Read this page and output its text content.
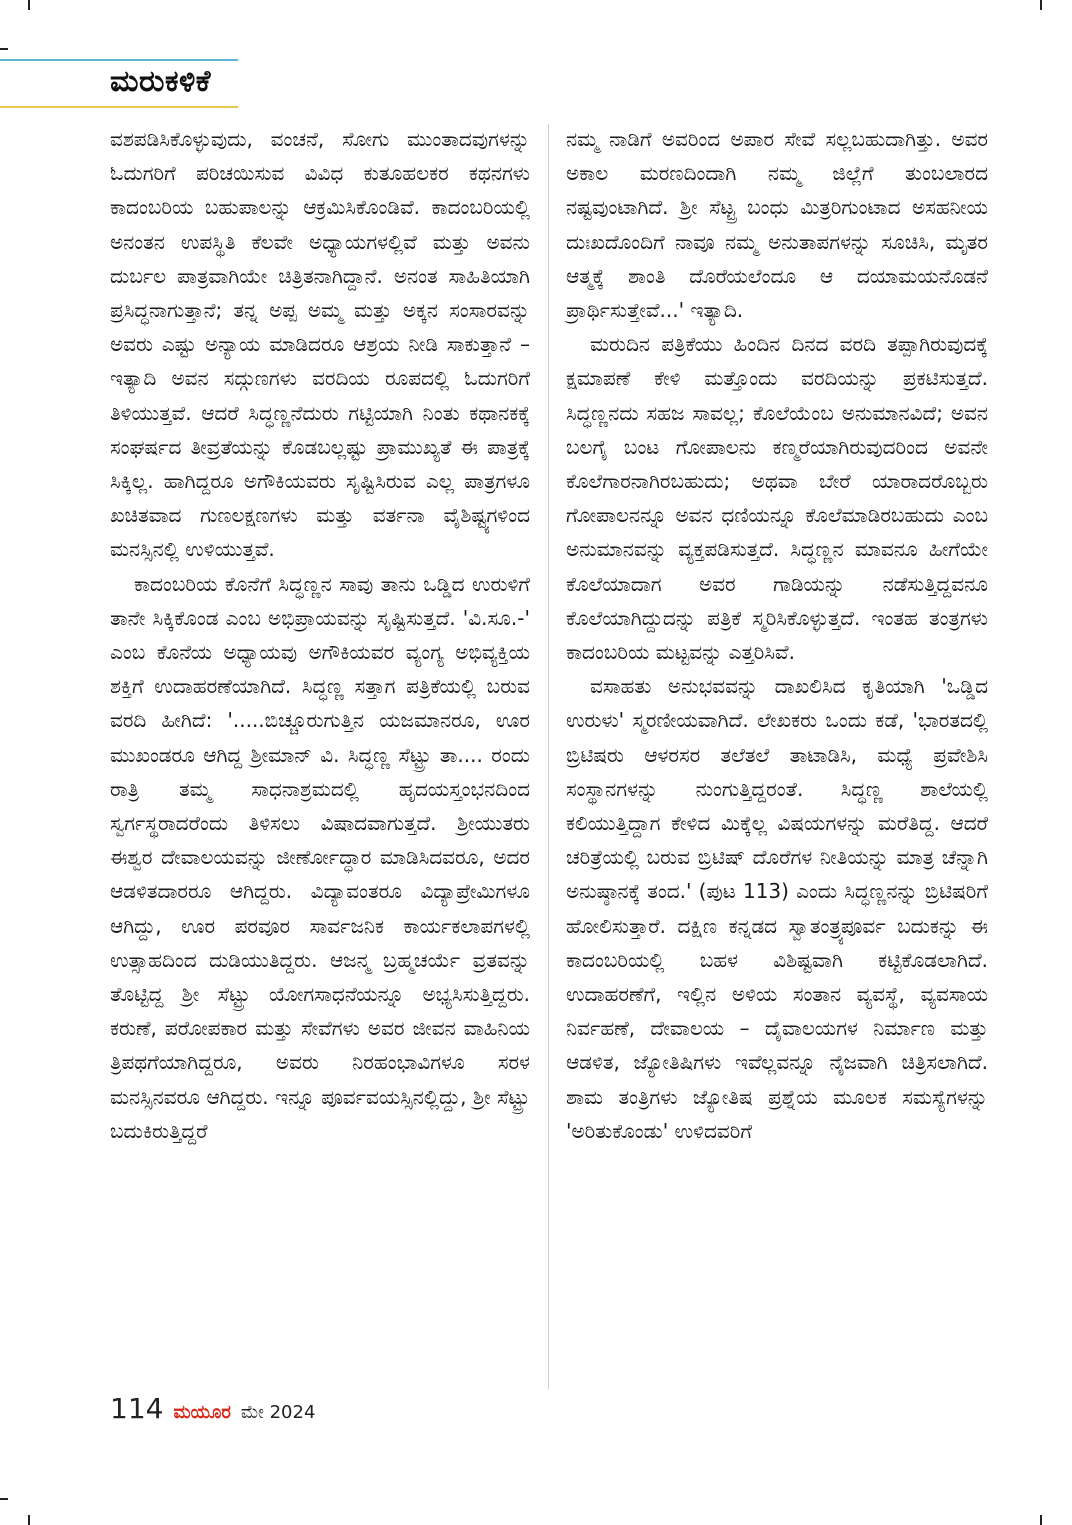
ಮರುಕಳಿಕೆ

ವಶಪಡಿಸಿಕೊಳ್ಳುವುದು, ವಂಚನೆ, ಸೋಗು ಮುಂತಾದವುಗಳನ್ನು ಓದುಗರಿಗೆ ಪರಿಚಯಿಸುವ ವಿವಿಧ ಕುತೂಹಲಕರ ಕಥನಗಳು ಕಾದಂಬರಿಯ ಬಹುಪಾಲನ್ನು ಆಕ್ರಮಿಸಿಕೊಂಡಿವೆ. ಕಾದಂಬರಿಯಲ್ಲಿ ಅನಂತನ ಉಪಸ್ಥಿತಿ ಕೆಲವೇ ಅಧ್ಯಾಯಗಳಲ್ಲಿವೆ ಮತ್ತು ಅವನು ದುರ್ಬಲ ಪಾತ್ರವಾಗಿಯೇ ಚಿತ್ರಿತನಾಗಿದ್ದಾನೆ. ಅನಂತ ಸಾಹಿತಿಯಾಗಿ ಪ್ರಸಿದ್ಧನಾಗುತ್ತಾನೆ; ತನ್ನ ಅಪ್ಪ ಅಮ್ಮ ಮತ್ತು ಅಕ್ಕನ ಸಂಸಾರವನ್ನು ಅವರು ಎಷ್ಟು ಅನ್ಯಾಯ ಮಾಡಿದರೂ ಆಶ್ರಯ ನೀಡಿ ಸಾಕುತ್ತಾನೆ – ಇತ್ಯಾದಿ ಅವನ ಸದ್ಗುಣಗಳು ವರದಿಯ ರೂಪದಲ್ಲಿ ಓದುಗರಿಗೆ ತಿಳಿಯುತ್ತವೆ. ಆದರೆ ಸಿದ್ಧಣ್ಣನೆದುರು ಗಟ್ಟಿಯಾಗಿ ನಿಂತು ಕಥಾನಕಕ್ಕೆ ಸಂಘರ್ಷದ ತೀವ್ರತೆಯನ್ನು ಕೊಡಬಲ್ಲಷ್ಟು ಪ್ರಾಮುಖ್ಯತೆ ಈ ಪಾತ್ರಕ್ಕೆ ಸಿಕ್ಕಿಲ್ಲ. ಹಾಗಿದ್ದರೂ ಅಗೌಕಿಯವರು ಸೃಷ್ಟಿಸಿರುವ ಎಲ್ಲ ಪಾತ್ರಗಳೂ ಖಚಿತವಾದ ಗುಣಲಕ್ಷಣಗಳು ಮತ್ತು ವರ್ತನಾ ವೈಶಿಷ್ಟ್ಯಗಳಿಂದ ಮನಸ್ಸಿನಲ್ಲಿ ಉಳಿಯುತ್ತವೆ.

ಕಾದಂಬರಿಯ ಕೊನೆಗೆ ಸಿದ್ಧಣ್ಣನ ಸಾವು ತಾನು ಒಡ್ಡಿದ ಉರುಳಿಗೆ ತಾನೇ ಸಿಕ್ಕಿಕೊಂಡ ಎಂಬ ಅಭಿಪ್ರಾಯವನ್ನು ಸೃಷ್ಟಿಸುತ್ತದೆ. 'ವಿ.ಸೂ.-' ಎಂಬ ಕೊನೆಯ ಅಧ್ಯಾಯವು ಅಗೌಕಿಯವರ ವ್ಯಂಗ್ಯ ಅಭಿವ್ಯಕ್ತಿಯ ಶಕ್ತಿಗೆ ಉದಾಹರಣೆಯಾಗಿದೆ. ಸಿದ್ಧಣ್ಣ ಸತ್ತಾಗ ಪತ್ರಿಕೆಯಲ್ಲಿ ಬರುವ ವರದಿ ಹೀಗಿದೆ: '.....ಬಿಚ್ಚೂರುಗುತ್ತಿನ ಯಜಮಾನರೂ, ಊರ ಮುಖಂಡರೂ ಆಗಿದ್ದ ಶ್ರೀಮಾನ್ ವಿ. ಸಿದ್ಧಣ್ಣ ಸೆಟ್ಟ್ರು ತಾ.... ರಂದು ರಾತ್ರಿ ತಮ್ಮ ಸಾಧನಾಶ್ರಮದಲ್ಲಿ ಹೃದಯಸ್ತಂಭನದಿಂದ ಸ್ವರ್ಗಸ್ಥರಾದರೆಂದು ತಿಳಿಸಲು ವಿಷಾದವಾಗುತ್ತದೆ. ಶ್ರೀಯುತರು ಈಶ್ವರ ದೇವಾಲಯವನ್ನು ಜೀರ್ಣೋದ್ಧಾರ ಮಾಡಿಸಿದವರೂ, ಅದರ ಆಡಳಿತದಾರರೂ ಆಗಿದ್ದರು. ವಿದ್ಯಾವಂತರೂ ವಿದ್ಯಾಪ್ರೇಮಿಗಳೂ ಆಗಿದ್ದು, ಊರ ಪರವೂರ ಸಾರ್ವಜನಿಕ ಕಾರ್ಯಕಲಾಪಗಳಲ್ಲಿ ಉತ್ಸಾಹದಿಂದ ದುಡಿಯುತಿದ್ದರು. ಆಜನ್ಮ ಬ್ರಹ್ಮಚರ್ಯೆ ವ್ರತವನ್ನು ತೊಟ್ಟಿದ್ದ ಶ್ರೀ ಸೆಟ್ಟ್ರು ಯೋಗಸಾಧನೆಯನ್ನೂ ಅಭ್ಯಸಿಸುತ್ತಿದ್ದರು. ಕರುಣೆ, ಪರೋಪಕಾರ ಮತ್ತು ಸೇವೆಗಳು ಅವರ ಜೀವನ ವಾಹಿನಿಯ ತ್ರಿಪಥಗೆಯಾಗಿದ್ದರೂ, ಅವರು ನಿರಹಂಭಾವಿಗಳೂ ಸರಳ ಮನಸ್ಸಿನವರೂ ಆಗಿದ್ದರು. ಇನ್ನೂ ಪೂರ್ವವಯಸ್ಸಿನಲ್ಲಿದ್ದು, ಶ್ರೀ ಸೆಟ್ಟ್ರು ಬದುಕಿರುತ್ತಿದ್ದರೆ

ನಮ್ಮ ನಾಡಿಗೆ ಅವರಿಂದ ಅಪಾರ ಸೇವೆ ಸಲ್ಲಬಹುದಾಗಿತ್ತು. ಅವರ ಅಕಾಲ ಮರಣದಿಂದಾಗಿ ನಮ್ಮ ಜಿಲ್ಲೆಗೆ ತುಂಬಲಾರದ ನಷ್ಟವುಂಟಾಗಿದೆ. ಶ್ರೀ ಸೆಟ್ಟ್ರ ಬಂಧು ಮಿತ್ರರಿಗುಂಟಾದ ಅಸಹನೀಯ ದುಃಖದೊಂದಿಗೆ ನಾವೂ ನಮ್ಮ ಅನುತಾಪಗಳನ್ನು ಸೂಚಿಸಿ, ಮೃತರ ಆತ್ಮಕ್ಕೆ ಶಾಂತಿ ದೊರೆಯಲೆಂದೂ ಆ ದಯಾಮಯನೊಡನೆ ಪ್ರಾರ್ಥಿಸುತ್ತೇವೆ...' ಇತ್ಯಾದಿ.

ಮರುದಿನ ಪತ್ರಿಕೆಯು ಹಿಂದಿನ ದಿನದ ವರದಿ ತಪ್ಪಾಗಿರುವುದಕ್ಕೆ ಕ್ಷಮಾಪಣೆ ಕೇಳಿ ಮತ್ತೊಂದು ವರದಿಯನ್ನು ಪ್ರಕಟಿಸುತ್ತದೆ. ಸಿದ್ಧಣ್ಣನದು ಸಹಜ ಸಾವಲ್ಲ; ಕೊಲೆಯೆಂಬ ಅನುಮಾನವಿದೆ; ಅವನ ಬಲಗೈ ಬಂಟ ಗೋಪಾಲನು ಕಣ್ಮರೆಯಾಗಿರುವುದರಿಂದ ಅವನೇ ಕೊಲೆಗಾರನಾಗಿರಬಹುದು; ಅಥವಾ ಬೇರೆ ಯಾರಾದರೊಬ್ಬರು ಗೋಪಾಲನನ್ನೂ ಅವನ ಧಣಿಯನ್ನೂ ಕೊಲೆಮಾಡಿರಬಹುದು ಎಂಬ ಅನುಮಾನವನ್ನು ವ್ಯಕ್ತಪಡಿಸುತ್ತದೆ. ಸಿದ್ಧಣ್ಣನ ಮಾವನೂ ಹೀಗೆಯೇ ಕೊಲೆಯಾದಾಗ ಅವರ ಗಾಡಿಯನ್ನು ನಡೆಸುತ್ತಿದ್ದವನೂ ಕೊಲೆಯಾಗಿದ್ದುದನ್ನು ಪತ್ರಿಕೆ ಸ್ಮರಿಸಿಕೊಳ್ಳುತ್ತದೆ. ಇಂತಹ ತಂತ್ರಗಳು ಕಾದಂಬರಿಯ ಮಟ್ಟವನ್ನು ಎತ್ತರಿಸಿವೆ.

ವಸಾಹತು ಅನುಭವವನ್ನು ದಾಖಲಿಸಿದ ಕೃತಿಯಾಗಿ 'ಒಡ್ಡಿದ ಉರುಳು' ಸ್ಮರಣೀಯವಾಗಿದೆ. ಲೇಖಕರು ಒಂದು ಕಡೆ, 'ಭಾರತದಲ್ಲಿ ಬ್ರಿಟಿಷರು ಆಳರಸರ ತಲೆತಲೆ ತಾಟಾಡಿಸಿ, ಮಧ್ಯೆ ಪ್ರವೇಶಿಸಿ ಸಂಸ್ಥಾನಗಳನ್ನು ನುಂಗುತ್ತಿದ್ದರಂತೆ. ಸಿದ್ಧಣ್ಣ ಶಾಲೆಯಲ್ಲಿ ಕಲಿಯುತ್ತಿದ್ದಾಗ ಕೇಳಿದ ಮಿಕ್ಕೆಲ್ಲ ವಿಷಯಗಳನ್ನು ಮರೆತಿದ್ದ. ಆದರೆ ಚರಿತ್ರೆಯಲ್ಲಿ ಬರುವ ಬ್ರಿಟಿಷ್ ದೊರೆಗಳ ನೀತಿಯನ್ನು ಮಾತ್ರ ಚೆನ್ನಾಗಿ ಅನುಷ್ಠಾನಕ್ಕೆ ತಂದ.' (ಪುಟ 113) ಎಂದು ಸಿದ್ಧಣ್ಣನನ್ನು ಬ್ರಿಟಿಷರಿಗೆ ಹೋಲಿಸುತ್ತಾರೆ. ದಕ್ಷಿಣ ಕನ್ನಡದ ಸ್ವಾತಂತ್ರ್ಯಪೂರ್ವ ಬದುಕನ್ನು ಈ ಕಾದಂಬರಿಯಲ್ಲಿ ಬಹಳ ವಿಶಿಷ್ಟವಾಗಿ ಕಟ್ಟಿಕೊಡಲಾಗಿದೆ. ಉದಾಹರಣೆಗೆ, ಇಲ್ಲಿನ ಅಳಿಯ ಸಂತಾನ ವ್ಯವಸ್ಥೆ, ವ್ಯವಸಾಯ ನಿರ್ವಹಣೆ, ದೇವಾಲಯ – ದೈವಾಲಯಗಳ ನಿರ್ಮಾಣ ಮತ್ತು ಆಡಳಿತ, ಜ್ಯೋತಿಷಿಗಳು ಇವೆಲ್ಲವನ್ನೂ ನೈಜವಾಗಿ ಚಿತ್ರಿಸಲಾಗಿದೆ. ಶಾಮ ತಂತ್ರಿಗಳು ಜ್ಯೋತಿಷ ಪ್ರಶ್ನೆಯ ಮೂಲಕ ಸಮಸ್ಯೆಗಳನ್ನು 'ಅರಿತುಕೊಂಡು' ಉಳಿದವರಿಗೆ

114 ಮಯೂರ ಮೇ 2024
